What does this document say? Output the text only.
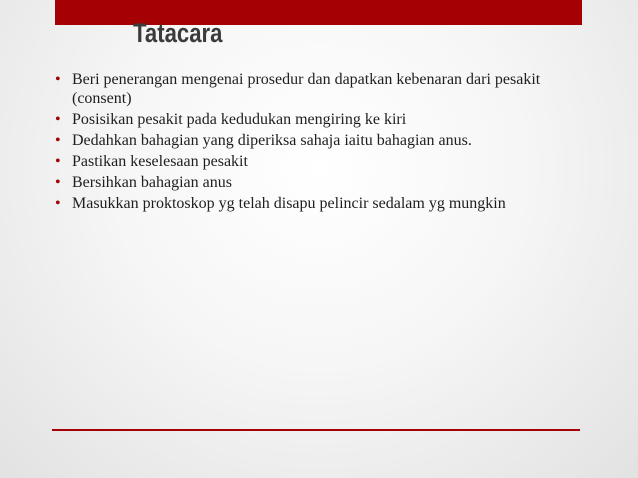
Tatacara
• Beri penerangan mengenai prosedur dan dapatkan kebenaran dari pesakit (consent)
• Posisikan pesakit pada kedudukan mengiring ke kiri
• Dedahkan bahagian yang diperiksa sahaja iaitu bahagian anus.
• Pastikan keselesaan pesakit
• Bersihkan bahagian anus
• Masukkan proktoskop yg telah disapu pelincir sedalam yg mungkin
